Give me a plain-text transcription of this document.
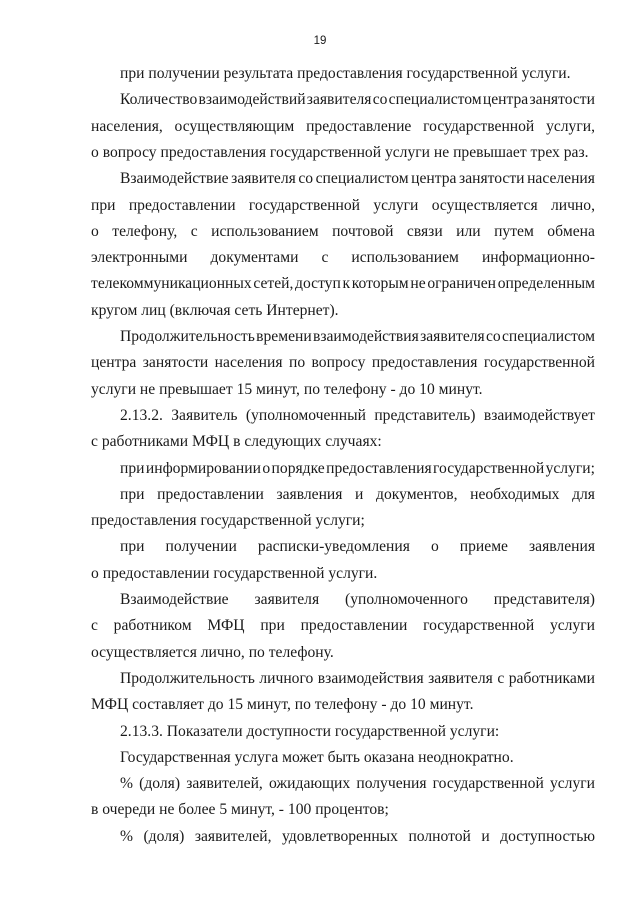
19
при получении результата предоставления государственной услуги.
Количество взаимодействий заявителя со специалистом центра занятости
населения, осуществляющим предоставление государственной услуги,
о вопросу предоставления государственной услуги не превышает трех раз.
Взаимодействие заявителя со специалистом центра занятости населения
при предоставлении государственной услуги осуществляется лично,
о телефону, с использованием почтовой связи или путем обмена
электронными документами с использованием информационно-
телекоммуникационных сетей, доступ к которым не ограничен определенным
кругом лиц (включая сеть Интернет).
Продолжительность времени взаимодействия заявителя со специалистом
центра занятости населения по вопросу предоставления государственной
услуги не превышает 15 минут, по телефону - до 10 минут.
2.13.2. Заявитель (уполномоченный представитель) взаимодействует
с работниками МФЦ в следующих случаях:
при информировании о порядке предоставления государственной услуги;
при предоставлении заявления и документов, необходимых для
предоставления государственной услуги;
при получении расписки-уведомления о приеме заявления
о предоставлении государственной услуги.
Взаимодействие заявителя (уполномоченного представителя)
с работником МФЦ при предоставлении государственной услуги
осуществляется лично, по телефону.
Продолжительность личного взаимодействия заявителя с работниками
МФЦ составляет до 15 минут, по телефону - до 10 минут.
2.13.3. Показатели доступности государственной услуги:
Государственная услуга может быть оказана неоднократно.
% (доля) заявителей, ожидающих получения государственной услуги
в очереди не более 5 минут, - 100 процентов;
% (доля) заявителей, удовлетворенных полнотой и доступностью
